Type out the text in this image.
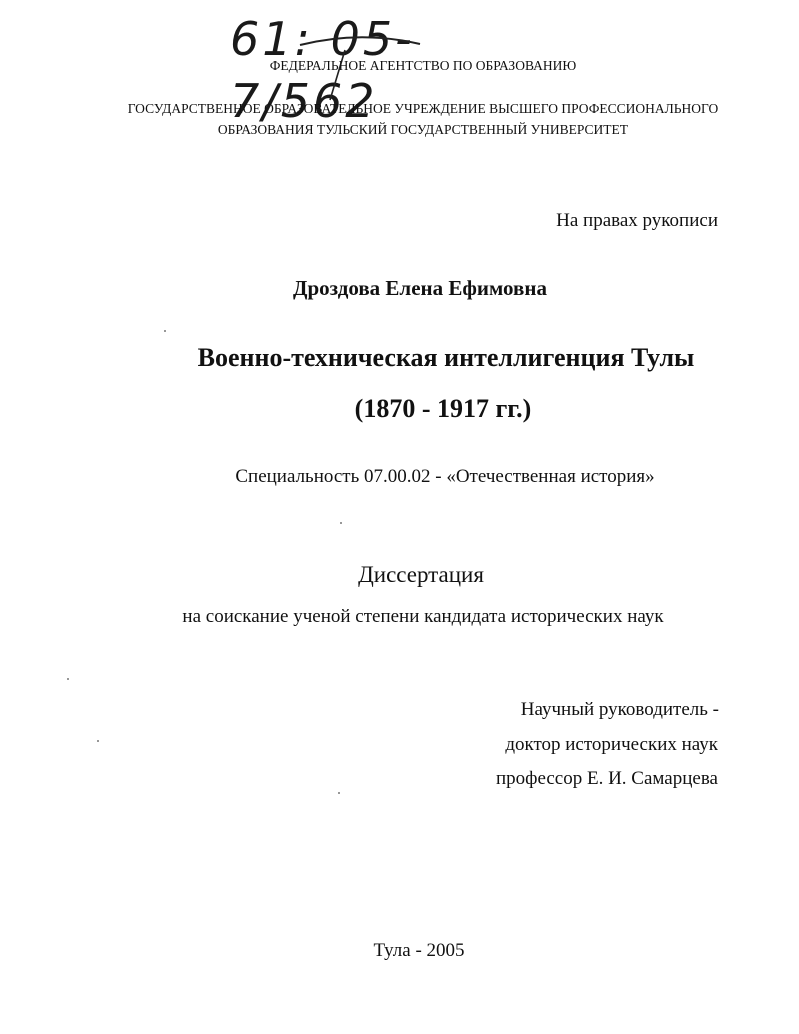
61: 05-7/562
ФЕДЕРАЛЬНОЕ АГЕНТСТВО ПО ОБРАЗОВАНИЮ
ГОСУДАРСТВЕННОЕ ОБРАЗОВАТЕЛЬНОЕ УЧРЕЖДЕНИЕ ВЫСШЕГО ПРОФЕССИОНАЛЬНОГО
ОБРАЗОВАНИЯ ТУЛЬСКИЙ ГОСУДАРСТВЕННЫЙ УНИВЕРСИТЕТ
На правах рукописи
Дроздова Елена Ефимовна
Военно-техническая интеллигенция Тулы
(1870 - 1917 гг.)
Специальность 07.00.02 - «Отечественная история»
Диссертация
на соискание ученой степени кандидата исторических наук
Научный руководитель -
доктор исторических наук
профессор Е. И. Самарцева
Тула - 2005
